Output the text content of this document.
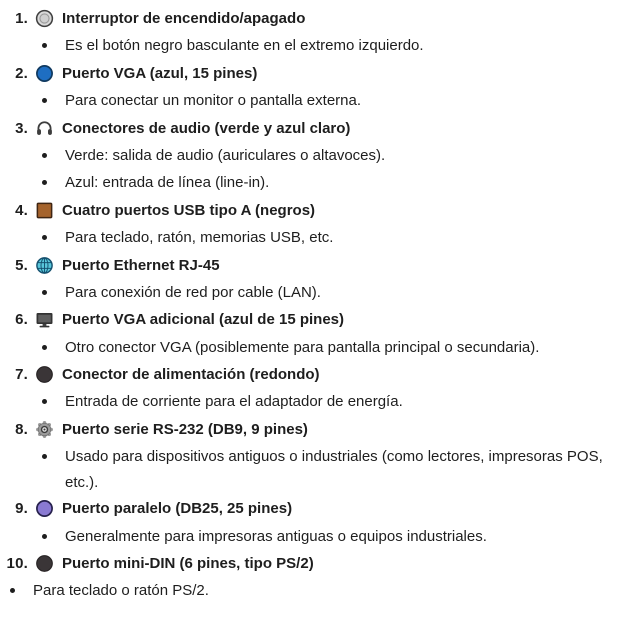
1. Interruptor de encendido/apagado
Es el botón negro basculante en el extremo izquierdo.
2. Puerto VGA (azul, 15 pines)
Para conectar un monitor o pantalla externa.
3. Conectores de audio (verde y azul claro)
Verde: salida de audio (auriculares o altavoces).
Azul: entrada de línea (line-in).
4. Cuatro puertos USB tipo A (negros)
Para teclado, ratón, memorias USB, etc.
5. Puerto Ethernet RJ-45
Para conexión de red por cable (LAN).
6. Puerto VGA adicional (azul de 15 pines)
Otro conector VGA (posiblemente para pantalla principal o secundaria).
7. Conector de alimentación (redondo)
Entrada de corriente para el adaptador de energía.
8. Puerto serie RS-232 (DB9, 9 pines)
Usado para dispositivos antiguos o industriales (como lectores, impresoras POS, etc.).
9. Puerto paralelo (DB25, 25 pines)
Generalmente para impresoras antiguas o equipos industriales.
10. Puerto mini-DIN (6 pines, tipo PS/2)
Para teclado o ratón PS/2.
